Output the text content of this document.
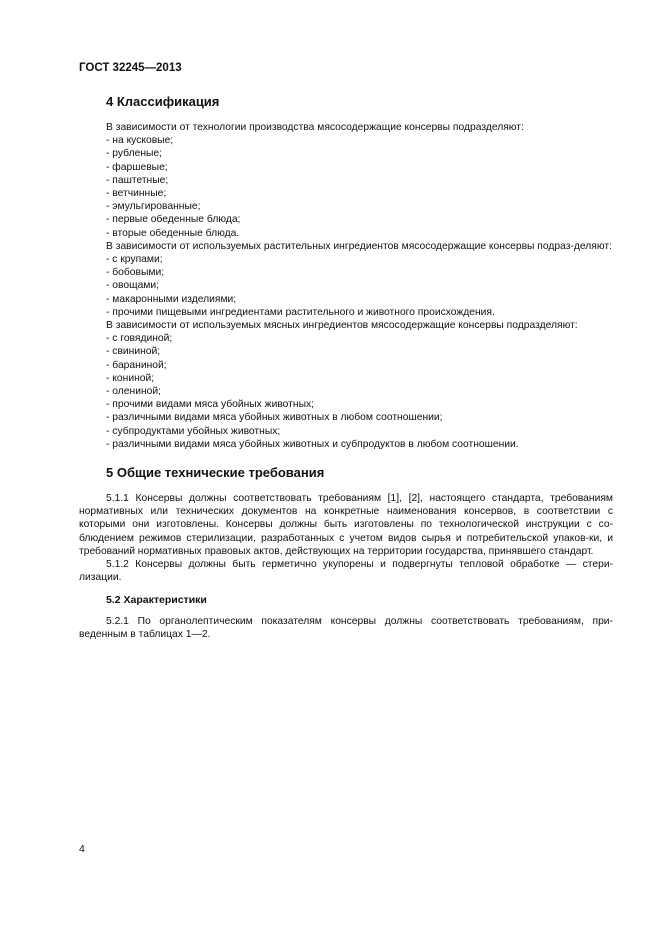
ГОСТ 32245—2013
4 Классификация

В зависимости от технологии производства мясосодержащие консервы подразделяют:

- на кусковые;

- рубленые;

- фаршевые;

- паштетные;

- ветчинные;

- эмульгированные;

- первые обеденные блюда;

- вторые обеденные блюда.

В зависимости от используемых растительных ингредиентов мясосодержащие консервы подраз-деляют:

- с крупами;

- бобовыми;

- овощами;

- макаронными изделиями;

- прочими пищевыми ингредиентами растительного и животного происхождения.

В зависимости от используемых мясных ингредиентов мясосодержащие консервы подразделяют:

- с говядиной;

- свининой;

- бараниной;

- кониной;

- олениной;

- прочими видами мяса убойных животных;

- различными видами мяса убойных животных в любом соотношении;

- субпродуктами убойных животных;

- различными видами мяса убойных животных и субпродуктов в любом соотношении.

5 Общие технические требования

5.1.1 Консервы должны соответствовать требованиям [1], [2], настоящего стандарта, требованиям нормативных или технических документов на конкретные наименования консервов, в соответствии с которыми они изготовлены. Консервы должны быть изготовлены по технологической инструкции с со-блюдением режимов стерилизации, разработанных с учетом видов сырья и потребительской упаков-ки, и требований нормативных правовых актов, действующих на территории государства, принявшего стандарт.

5.1.2 Консервы должны быть герметично укупорены и подвергнуты тепловой обработке — стери-лизации.

5.2 Характеристики

5.2.1 По органолептическим показателям консервы должны соответствовать требованиям, при-веденным в таблицах 1—2.

4
